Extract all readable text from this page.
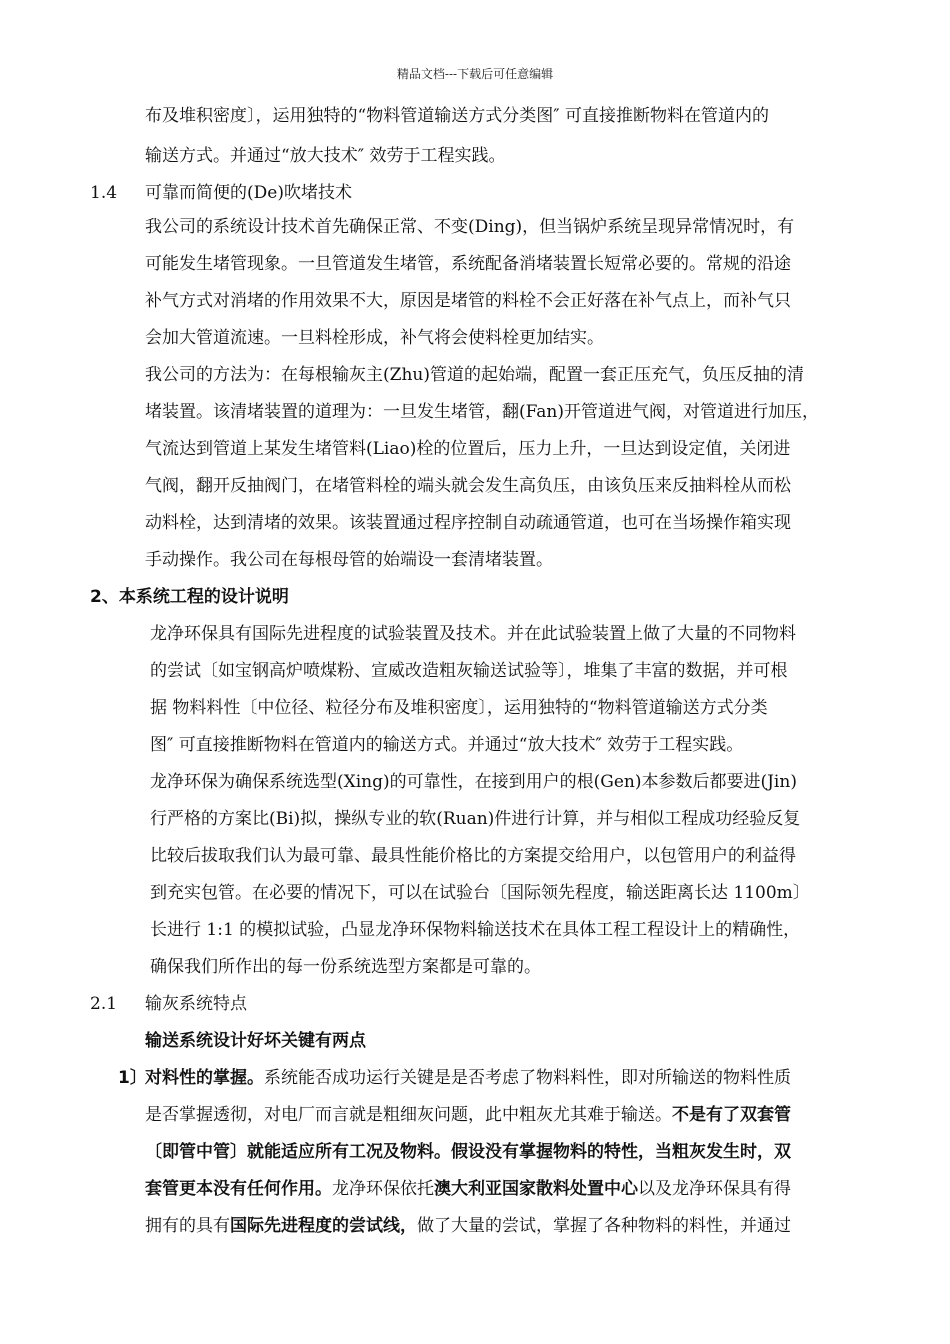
精品文档---下载后可任意编辑
布及堆积密度〕，运用独特的“物料管道输送方式分类图″ 可直接推断物料在管道内的
输送方式。并通过“放大技术″ 效劳于工程实践。
1.4 可靠而简便的(De)吹堵技术
我公司的系统设计技术首先确保正常、不变(Ding)，但当锅炉系统呈现异常情况时，有
可能发生堵管现象。一旦管道发生堵管，系统配备消堵装置长短常必要的。常规的沿途
补气方式对消堵的作用效果不大，原因是堵管的料栓不会正好落在补气点上，而补气只
会加大管道流速。一旦料栓形成，补气将会使料栓更加结实。
我公司的方法为：在每根输灰主(Zhu)管道的起始端，配置一套正压充气，负压反抽的清
堵装置。该清堵装置的道理为：一旦发生堵管，翻(Fan)开管道进气阀，对管道进行加压，
气流达到管道上某发生堵管料(Liao)栓的位置后，压力上升，一旦达到设定值，关闭进
气阀，翻开反抽阀门，在堵管料栓的端头就会发生高负压，由该负压来反抽料栓从而松
动料栓，达到清堵的效果。该装置通过程序控制自动疏通管道，也可在当场操作箱实现
手动操作。我公司在每根母管的始端设一套清堵装置。
2、本系统工程的设计说明
龙净环保具有国际先进程度的试验装置及技术。并在此试验装置上做了大量的不同物料
的尝试〔如宝钢高炉喷煤粉、宣威改造粗灰输送试验等〕，堆集了丰富的数据，并可根
据 物料料性〔中位径、粒径分布及堆积密度〕，运用独特的“物料管道输送方式分类
图″ 可直接推断物料在管道内的输送方式。并通过“放大技术″ 效劳于工程实践。
龙净环保为确保系统选型(Xing)的可靠性，在接到用户的根(Gen)本参数后都要进(Jin)
行严格的方案比(Bi)拟，操纵专业的软(Ruan)件进行计算，并与相似工程成功经验反复
比较后拔取我们认为最可靠、最具性能价格比的方案提交给用户，以包管用户的利益得
到充实包管。在必要的情况下，可以在试验台〔国际领先程度，输送距离长达 1100m〕
长进行 1:1 的模拟试验，凸显龙净环保物料输送技术在具体工程工程设计上的精确性，
确保我们所作出的每一份系统选型方案都是可靠的。
2.1 输灰系统特点
输送系统设计好坏关键有两点
1〕
对料性的掌握。系统能否成功运行关键是是否考虑了物料料性，即对所输送的物料性质
是否掌握透彻，对电厂而言就是粗细灰问题，此中粗灰尤其难于输送。不是有了双套管
〔即管中管〕就能适应所有工况及物料。假设没有掌握物料的特性，当粗灰发生时，双
套管更本没有任何作用。龙净环保依托澳大利亚国家散料处置中心以及龙净环保具有得
拥有的具有国际先进程度的尝试线，做了大量的尝试，掌握了各种物料的料性，并通过
